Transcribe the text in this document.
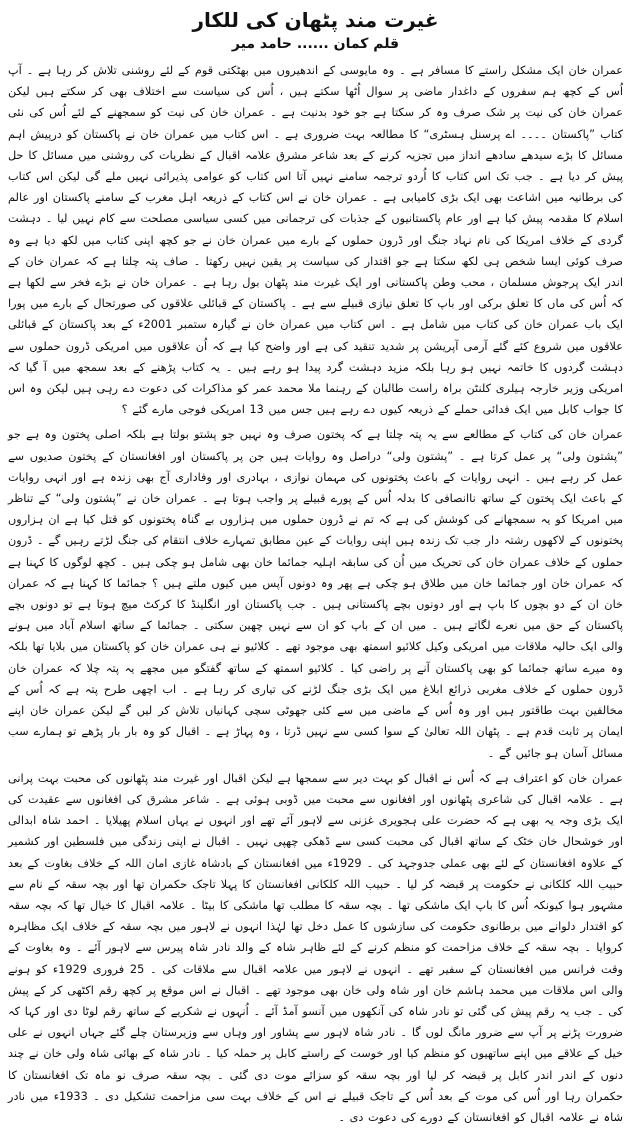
غیرت مند پٹھان کی للکار
قلم کمان ...... حامد میر

عمران خان ایک مشکل راستے کا مسافر ہے ۔ وہ مایوسی کے اندھیروں میں بھٹکتی قوم کے لئے روشنی تلاش کر رہا ہے ۔ آپ اُس کے کچھ ہم سفروں کے داغدار ماضی پر سوال اُٹھا سکتے ہیں ، اُس کی سیاست سے اختلاف بھی کر سکتے ہیں لیکن عمران خان کی نیت پر شک صرف وہ کر سکتا ہے جو خود بدنیت ہے ۔ عمران خان کی نیت کو سمجھنے کے لئے اُس کی نئی کتاب ”پاکستان ۔۔۔۔ اے پرسنل ہسٹری“ کا مطالعہ بہت ضروری ہے ۔ اس کتاب میں عمران خان نے پاکستان کو درپیش اہم مسائل کا بڑے سیدھے سادھے انداز میں تجزیہ کرنے کے بعد شاعر مشرق علامہ اقبال کے نظریات کی روشنی میں مسائل کا حل پیش کر دیا ہے ۔ جب تک اس کتاب کا اُردو ترجمہ سامنے نہیں آتا اس کتاب کو عوامی پذیرائی نہیں ملے گی لیکن اس کتاب کی برطانیہ میں اشاعت بھی ایک بڑی کامیابی ہے ۔ عمران خان نے اس کتاب کے ذریعہ اہل مغرب کے سامنے پاکستان اور عالم اسلام کا مقدمہ پیش کیا ہے اور عام پاکستانیوں کے جذبات کی ترجمانی میں کسی سیاسی مصلحت سے کام نہیں لیا ۔ دہشت گردی کے خلاف امریکا کی نام نہاد جنگ اور ڈرون حملوں کے بارے میں عمران خان نے جو کچھ اپنی کتاب میں لکھ دیا ہے وہ صرف کوئی ایسا شخص ہی لکھ سکتا ہے جو اقتدار کی سیاست پر یقین نہیں رکھتا ۔ صاف پتہ چلتا ہے کہ عمران خان کے اندر ایک پرجوش مسلمان ، محب وطن پاکستانی اور ایک غیرت مند پٹھان بول رہا ہے ۔ عمران خان نے بڑے فخر سے لکھا ہے کہ اُس کی ماں کا تعلق برکی اور باپ کا تعلق نیازی قبیلے سے ہے ۔ پاکستان کے قبائلی علاقوں کی صورتحال کے بارے میں پورا ایک باب عمران خان کی کتاب میں شامل ہے ۔ اس کتاب میں عمران خان نے گیارہ ستمبر 2001ء کے بعد پاکستان کے قبائلی علاقوں میں شروع کئے گئے آرمی آپریشن پر شدید تنقید کی ہے اور واضح کیا ہے کہ اُن علاقوں میں امریکی ڈرون حملوں سے دہشت گردوں کا خاتمہ نہیں ہو رہا بلکہ مزید دہشت گرد پیدا ہو رہے ہیں ۔ یہ کتاب پڑھنے کے بعد سمجھ میں آ گیا کہ امریکی وزیر خارجہ ہیلری کلنٹن براہ راست طالبان کے رہنما ملا محمد عمر کو مذاکرات کی دعوت دے رہی ہیں لیکن وہ اس کا جواب کابل میں ایک فدائی حملے کے ذریعہ کیوں دے رہے ہیں جس میں 13 امریکی فوجی مارے گئے ؟

عمران خان کی کتاب کے مطالعے سے یہ پتہ چلتا ہے کہ پختون صرف وہ نہیں جو پشتو بولتا ہے بلکہ اصلی پختون وہ ہے جو ”پشتون ولی“ پر عمل کرتا ہے ۔ ”پشتون ولی“ دراصل وہ روایات ہیں جن پر پاکستان اور افغانستان کے پختون صدیوں سے عمل کر رہے ہیں ۔ انہی روایات کے باعث پختونوں کی مہمان نوازی ، بہادری اور وفاداری آج بھی زندہ ہے اور انہی روایات کے باعث ایک پختون کے ساتھ ناانصافی کا بدلہ اُس کے پورے قبیلے پر واجب ہوتا ہے ۔ عمران خان نے ”پشتون ولی“ کے تناظر میں امریکا کو یہ سمجھانے کی کوشش کی ہے کہ تم نے ڈرون حملوں میں ہزاروں بے گناہ پختونوں کو قتل کیا ہے ان ہزاروں پختونوں کے لاکھوں رشتہ دار جب تک زندہ ہیں اپنی روایات کے عین مطابق تمہارے خلاف انتقام کی جنگ لڑتے رہیں گے ۔ ڈرون حملوں کے خلاف عمران خان کی تحریک میں اُن کی سابقہ اہلیہ جمائما خان بھی شامل ہو چکی ہیں ۔ کچھ لوگوں کا کہنا ہے کہ عمران خان اور جمائما خان میں طلاق ہو چکی ہے پھر وہ دونوں آپس میں کیوں ملتے ہیں ؟ جمائما کا کہنا ہے کہ عمران خان ان کے دو بچوں کا باپ ہے اور دونوں بچے پاکستانی ہیں ۔ جب پاکستان اور انگلینڈ کا کرکٹ میچ ہوتا ہے تو دونوں بچے پاکستان کے حق میں نعرے لگاتے ہیں ۔ میں ان کے باپ کو ان سے نہیں چھین سکتی ۔ جمائما کے ساتھ اسلام آباد میں ہونے والی ایک حالیہ ملاقات میں امریکی وکیل کلائیو اسمتھ بھی موجود تھے ۔ کلائیو نے ہی عمران خان کو پاکستان میں بلایا تھا بلکہ وہ میرے ساتھ جمائما کو بھی پاکستان آنے پر راضی کیا ۔ کلائیو اسمتھ کے ساتھ گفتگو میں مجھے یہ پتہ چلا کہ عمران خان ڈرون حملوں کے خلاف مغربی ذرائع ابلاغ میں ایک بڑی جنگ لڑنے کی تیاری کر رہا ہے ۔ اب اچھی طرح پتہ ہے کہ اُس کے مخالفین بہت طاقتور ہیں اور وہ اُس کے ماضی میں سے کئی جھوٹی سچی کہانیاں تلاش کر لیں گے لیکن عمران خان اپنے ایمان پر ثابت قدم ہے ۔ پٹھان اللہ تعالیٰ کے سوا کسی سے نہیں ڈرتا ، وہ پہاڑ ہے ۔ اقبال کو وہ بار بار پڑھے تو ہمارے سب مسائل آسان ہو جائیں گے ۔

عمران خان کو اعتراف ہے کہ اُس نے اقبال کو بہت دیر سے سمجھا ہے لیکن اقبال اور غیرت مند پٹھانوں کی محبت بہت پرانی ہے ۔ علامہ اقبال کی شاعری پٹھانوں اور افغانوں سے محبت میں ڈوبی ہوئی ہے ۔ شاعر مشرق کی افغانوں سے عقیدت کی ایک بڑی وجہ یہ بھی ہے کہ حضرت علی ہجویری غزنی سے لاہور آئے تھے اور انہوں نے یہاں اسلام پھیلایا ۔ احمد شاہ ابدالی اور خوشحال خان خٹک کے ساتھ اقبال کی محبت کسی سے ڈھکی چھپی نہیں ۔ اقبال نے اپنی زندگی میں فلسطین اور کشمیر کے علاوہ افغانستان کے لئے بھی عملی جدوجہد کی ۔ 1929ء میں افغانستان کے بادشاہ غازی امان اللہ کے خلاف بغاوت کے بعد حبیب اللہ کلکانی نے حکومت پر قبضہ کر لیا ۔ حبیب اللہ کلکانی افغانستان کا پہلا تاجک حکمران تھا اور بچہ سقہ کے نام سے مشہور ہوا کیونکہ اُس کا باپ ایک ماشکی تھا ۔ بچہ سقہ کا مطلب تھا ماشکی کا بیٹا ۔ علامہ اقبال کا خیال تھا کہ بچہ سقہ کو اقتدار دلوانے میں برطانوی حکومت کی سازشوں کا عمل دخل تھا لہٰذا انہوں نے لاہور میں بچہ سقہ کے خلاف ایک مظاہرہ کروایا ۔ بچہ سقہ کے خلاف مزاحمت کو منظم کرنے کے لئے ظاہر شاہ کے والد نادر شاہ پیرس سے لاہور آئے ۔ وہ بغاوت کے وقت فرانس میں افغانستان کے سفیر تھے ۔ انہوں نے لاہور میں علامہ اقبال سے ملاقات کی ۔ 25 فروری 1929ء کو ہونے والی اس ملاقات میں محمد ہاشم خان اور شاہ ولی خان بھی موجود تھے ۔ اقبال نے اس موقع پر کچھ رقم اکٹھی کر کے پیش کی ۔ جب یہ رقم پیش کی گئی تو نادر شاہ کی آنکھوں میں آنسو آمڈ آئے ۔ اُنہوں نے شکریے کے ساتھ رقم لوٹا دی اور کہا کہ ضرورت پڑنے پر آپ سے ضرور مانگ لوں گا ۔ نادر شاہ لاہور سے پشاور اور وہاں سے وزیرستان چلے گئے جہاں انہوں نے علی خیل کے علاقے میں اپنے ساتھیوں کو منظم کیا اور خوست کے راستے کابل پر حملہ کیا ۔ نادر شاہ کے بھائی شاہ ولی خان نے چند دنوں کے اندر اندر کابل پر قبضہ کر لیا اور بچہ سقہ کو سزائے موت دی گئی ۔ بچہ سقہ صرف نو ماہ تک افغانستان کا حکمران رہا اور اُس کی موت کے بعد اُس کے تاجک قبیلے نے اس کے خلاف بہت سی مزاحمت تشکیل دی ۔ 1933ء میں نادر شاہ نے علامہ اقبال کو افغانستان کے دورے کی دعوت دی ۔
